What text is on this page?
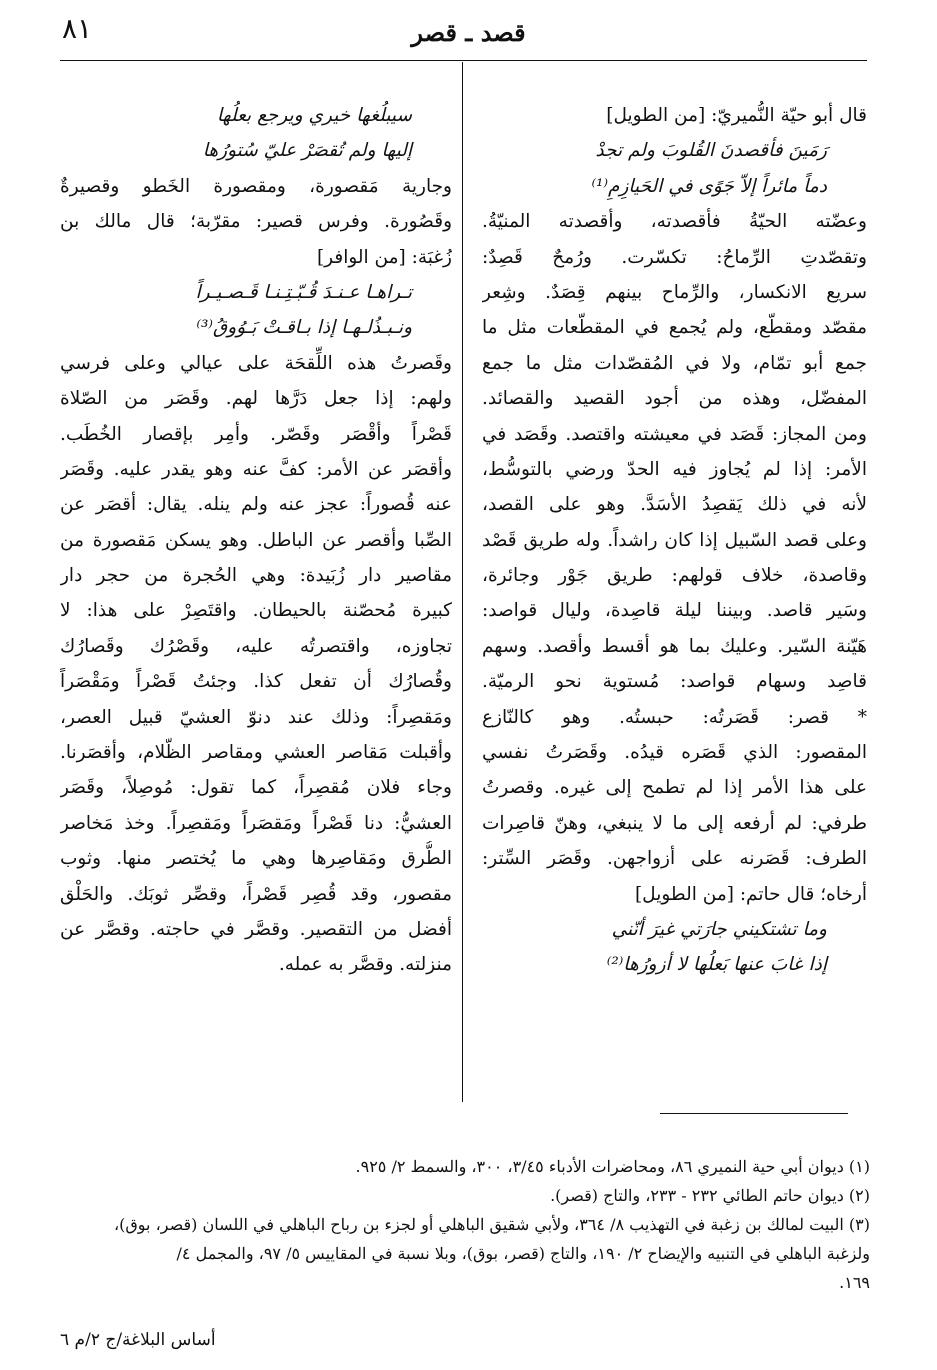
٨١	قصد ـ قصر
قال أبو حيّة النُّميريّ: [من الطويل]
رَمَينَ فأقصدنَ القُلوبَ ولم تجدْ
دماً مائراً إلاّ جَوًى في الحَيازِمِ⁽¹⁾
وعضّته الحيّةُ فأقصدته، وأقصدته المنيّةُ.
وتقصّدتِ الرِّماحُ: تكسّرت. ورُمحٌ قَصِدٌ:
سريع الانكسار، والرِّماح بينهم قِصَدٌ. وشِعر
مقصّد ومقطّع، ولم يُجمع في المقطّعات مثل ما
جمع أبو تمّام، ولا في المُقصّدات مثل ما جمع
المفضّل، وهذه من أجود القصيد والقصائد.
ومن المجاز: قَصَد في معيشته واقتصد. وقَصَد في
الأمر: إذا لم يُجاوز فيه الحدّ ورضي بالتوسُّط،
لأنه في ذلك يَقصِدُ الأسَدَّ. وهو على القصد،
وعلى قصد السّبيل إذا كان راشداً. وله طريق قَصْد
وقاصدة، خلاف قولهم: طريق جَوْر وجائرة،
وسَير قاصد. وبيننا ليلة قاصِدة، وليال قواصد:
هَيّنة السّير. وعليك بما هو أقسط وأقصد. وسهم
قاصِد وسهام قواصد: مُستوية نحو الرميّة.
* قصر: قَصَرتُه: حبستُه. وهو كالنّازع
المقصور: الذي قَصَره قيدُه. وقَصَرتُ نفسي
على هذا الأمر إذا لم تطمح إلى غيره. وقصرتُ
طرفي: لم أرفعه إلى ما لا ينبغي، وهنّ قاصِرات
الطرف: قَصَرنه على أزواجهن. وقَصَر السِّتر:
أرخاه؛ قال حاتم: [من الطويل]
وما تشتكيني جارَتي غيرَ أنّني
إذا غابَ عنها بَعلُها لا أزورُها⁽²⁾
سيبلُغها خيري ويرجع بعلُها
إليها ولم تُقصَرْ عليّ سُتورُها
وجارية مَقصورة، ومقصورة الخَطو وقصيرةٌ
وقَصُورة. وفرس قصير: مقرّبة؛ قال مالك بن
زُغبَة: [من الوافر]
تـراهـا عـنـدَ قُـبّـتِـنـا قَـصـيـراً
ونـبـذُلـهـا إذا بـاقـتْ بَـوُوقُ⁽³⁾
وقَصرتُ هذه اللِّقحَة على عيالي وعلى فرسي
ولهم: إذا جعل دَرَّها لهم. وقَصَر من الصّلاة
قَصْراً وأقْصَر وقَصّر. وأمِر بإقصار الخُطَب.
وأقصَر عن الأمر: كفَّ عنه وهو يقدر عليه. وقَصَر
عنه قُصوراً: عجز عنه ولم ينله. يقال: أقصَر عن
الصِّبا وأقصر عن الباطل. وهو يسكن مَقصورة من
مقاصير دار زُبَيدة: وهي الحُجرة من حجر دار
كبيرة مُحصّنة بالحيطان. واقتَصِرْ على هذا: لا
تجاوزه، واقتصرتُه عليه، وقَصْرُك وقَصارُك
وقُصارُك أن تفعل كذا. وجئتُ قَصْراً ومَقْصَراً
ومَقصِراً: وذلك عند دنوّ العشيّ قبيل العصر،
وأقبلت مَقاصر العشي ومقاصر الظّلام، وأقصَرنا.
وجاء فلان مُقصِراً، كما تقول: مُوصِلاً، وقَصَر
العشيُّ: دنا قَصْراً ومَقصَراً ومَقصِراً. وخذ مَخاصر
الطُّرق ومَقاصِرها وهي ما يُختصر منها. وثوب
مقصور، وقد قُصِر قَصْراً، وقصِّر ثوبَك. والحَلْق
أفضل من التقصير. وقصَّر في حاجته. وقصَّر عن
منزلته. وقصَّر به عمله.
(١) ديوان أبي حية النميري ٨٦، ومحاضرات الأدباء ٣/٤٥، ٣٠٠، والسمط ٢/ ٩٢٥.
(٢) ديوان حاتم الطائي ٢٣٢ - ٢٣٣، والتاج (قصر).
(٣) البيت لمالك بن زغبة في التهذيب ٨/ ٣٦٤، ولأبي شقيق الباهلي أو لجزء بن رباح الباهلي في اللسان (قصر، بوق)،
ولزغبة الباهلي في التنبيه والإيضاح ٢/ ١٩٠، والتاج (قصر، بوق)، وبلا نسبة في المقاييس ٥/ ٩٧، والمجمل ٤/
١٦٩.
أساس البلاغة/ج ٢/م ٦
